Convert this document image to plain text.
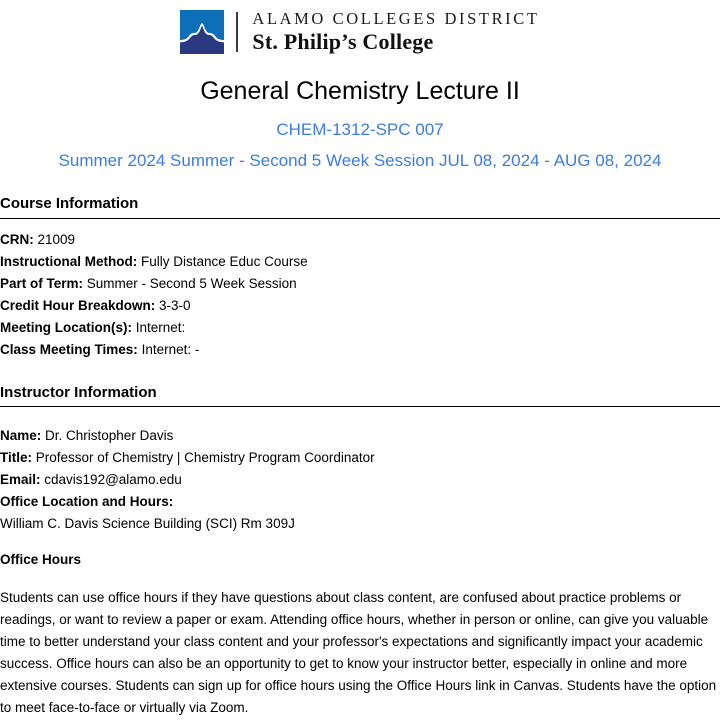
ALAMO COLLEGES DISTRICT
St. Philip’s College
General Chemistry Lecture II
CHEM-1312-SPC 007
Summer 2024 Summer - Second 5 Week Session JUL 08, 2024 - AUG 08, 2024
Course Information
CRN: 21009
Instructional Method: Fully Distance Educ Course
Part of Term: Summer - Second 5 Week Session
Credit Hour Breakdown: 3-3-0
Meeting Location(s): Internet:
Class Meeting Times: Internet: -
Instructor Information
Name: Dr. Christopher Davis
Title: Professor of Chemistry | Chemistry Program Coordinator
Email: cdavis192@alamo.edu
Office Location and Hours:
William C. Davis Science Building (SCI) Rm 309J
Office Hours

Students can use office hours if they have questions about class content, are confused about practice problems or readings, or want to review a paper or exam. Attending office hours, whether in person or online, can give you valuable time to better understand your class content and your professor's expectations and significantly impact your academic success. Office hours can also be an opportunity to get to know your instructor better, especially in online and more extensive courses. Students can sign up for office hours using the Office Hours link in Canvas. Students have the option to meet face-to-face or virtually via Zoom.
